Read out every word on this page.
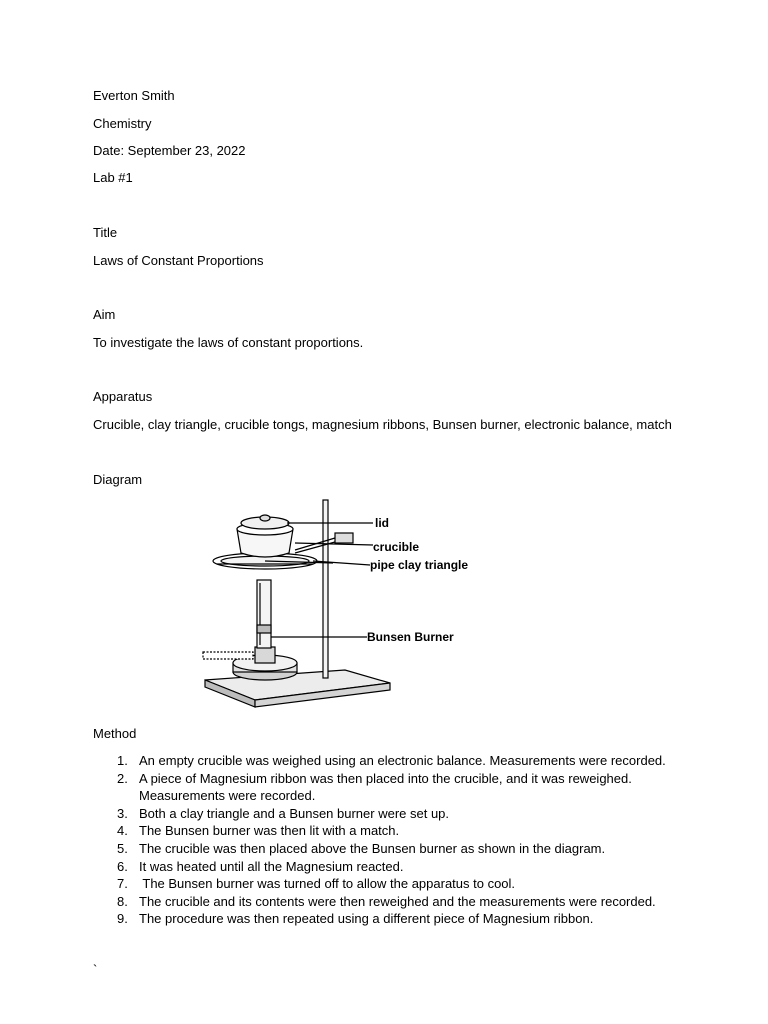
Everton Smith
Chemistry
Date: September 23, 2022
Lab #1
Title
Laws of Constant Proportions
Aim
To investigate the laws of constant proportions.
Apparatus
Crucible, clay triangle, crucible tongs, magnesium ribbons, Bunsen burner, electronic balance, match
Diagram
lid
crucible
pipe clay triangle
Bunsen Burner
Method
1. An empty crucible was weighed using an electronic balance. Measurements were recorded.
2. A piece of Magnesium ribbon was then placed into the crucible, and it was reweighed.
Measurements were recorded.
3. Both a clay triangle and a Bunsen burner were set up.
4. The Bunsen burner was then lit with a match.
5. The crucible was then placed above the Bunsen burner as shown in the diagram.
6. It was heated until all the Magnesium reacted.
7. The Bunsen burner was turned off to allow the apparatus to cool.
8. The crucible and its contents were then reweighed and the measurements were recorded.
9. The procedure was then repeated using a different piece of Magnesium ribbon.
`
